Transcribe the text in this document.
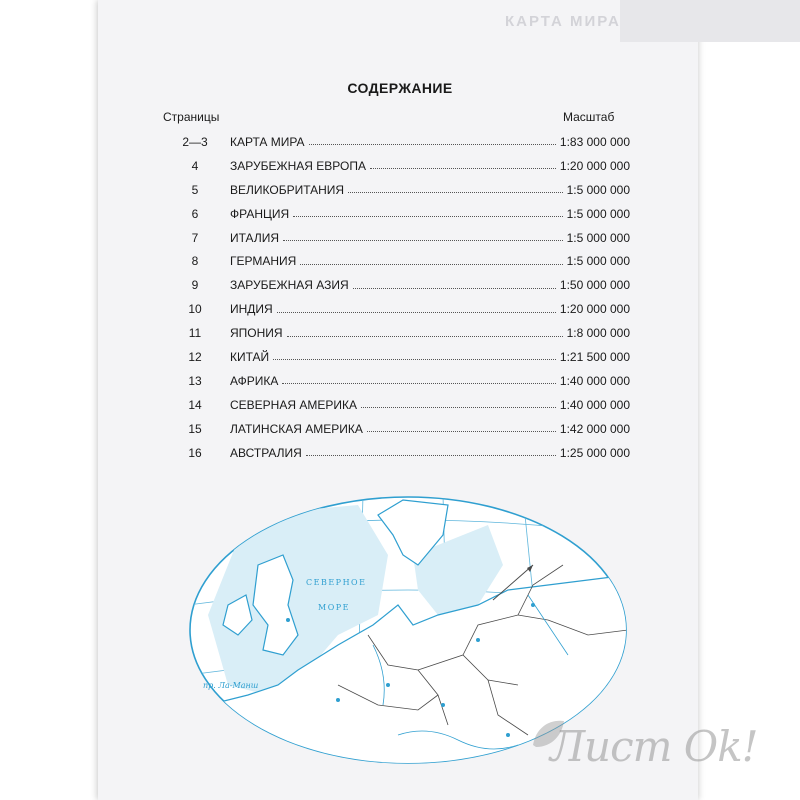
КАРТА МИРА
СОДЕРЖАНИЕ
Страницы	Масштаб
2—3	КАРТА МИРА	1:83 000 000
4	ЗАРУБЕЖНАЯ ЕВРОПА	1:20 000 000
5	ВЕЛИКОБРИТАНИЯ	1:5 000 000
6	ФРАНЦИЯ	1:5 000 000
7	ИТАЛИЯ	1:5 000 000
8	ГЕРМАНИЯ	1:5 000 000
9	ЗАРУБЕЖНАЯ АЗИЯ	1:50 000 000
10	ИНДИЯ	1:20 000 000
11	ЯПОНИЯ	1:8 000 000
12	КИТАЙ	1:21 500 000
13	АФРИКА	1:40 000 000
14	СЕВЕРНАЯ АМЕРИКА	1:40 000 000
15	ЛАТИНСКАЯ АМЕРИКА	1:42 000 000
16	АВСТРАЛИЯ	1:25 000 000
СЕВЕРНОЕ
МОРЕ
пр. Ла-Манш
Лист Ok!
